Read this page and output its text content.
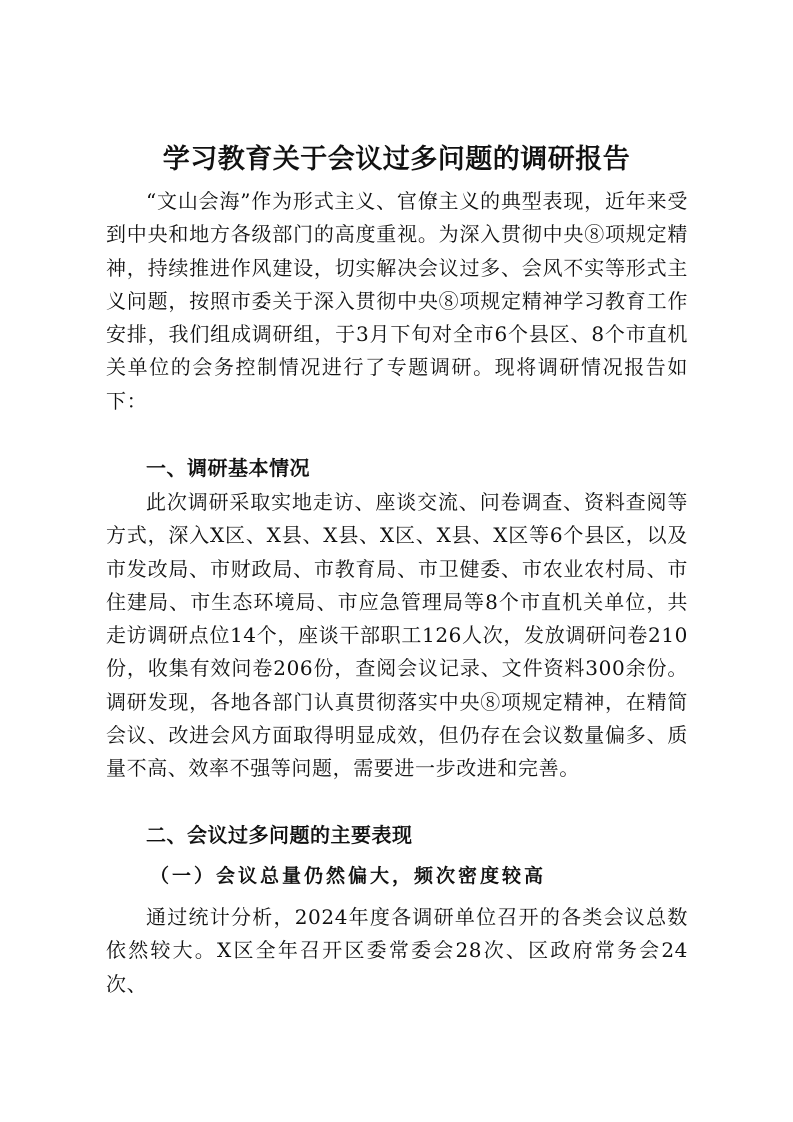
学习教育关于会议过多问题的调研报告

“文山会海”作为形式主义、官僚主义的典型表现，近年来受到中央和地方各级部门的高度重视。为深入贯彻中央⑧项规定精神，持续推进作风建设，切实解决会议过多、会风不实等形式主义问题，按照市委关于深入贯彻中央⑧项规定精神学习教育工作安排，我们组成调研组，于3月下旬对全市6个县区、8个市直机关单位的会务控制情况进行了专题调研。现将调研情况报告如下：

一、调研基本情况

此次调研采取实地走访、座谈交流、问卷调查、资料查阅等方式，深入X区、X县、X县、X区、X县、X区等6个县区，以及市发改局、市财政局、市教育局、市卫健委、市农业农村局、市住建局、市生态环境局、市应急管理局等8个市直机关单位，共走访调研点位14个，座谈干部职工126人次，发放调研问卷210份，收集有效问卷206份，查阅会议记录、文件资料300余份。调研发现，各地各部门认真贯彻落实中央⑧项规定精神，在精简会议、改进会风方面取得明显成效，但仍存在会议数量偏多、质量不高、效率不强等问题，需要进一步改进和完善。

二、会议过多问题的主要表现
（一）会议总量仍然偏大，频次密度较高

通过统计分析，2024年度各调研单位召开的各类会议总数依然较大。X区全年召开区委常委会28次、区政府常务会24次、
